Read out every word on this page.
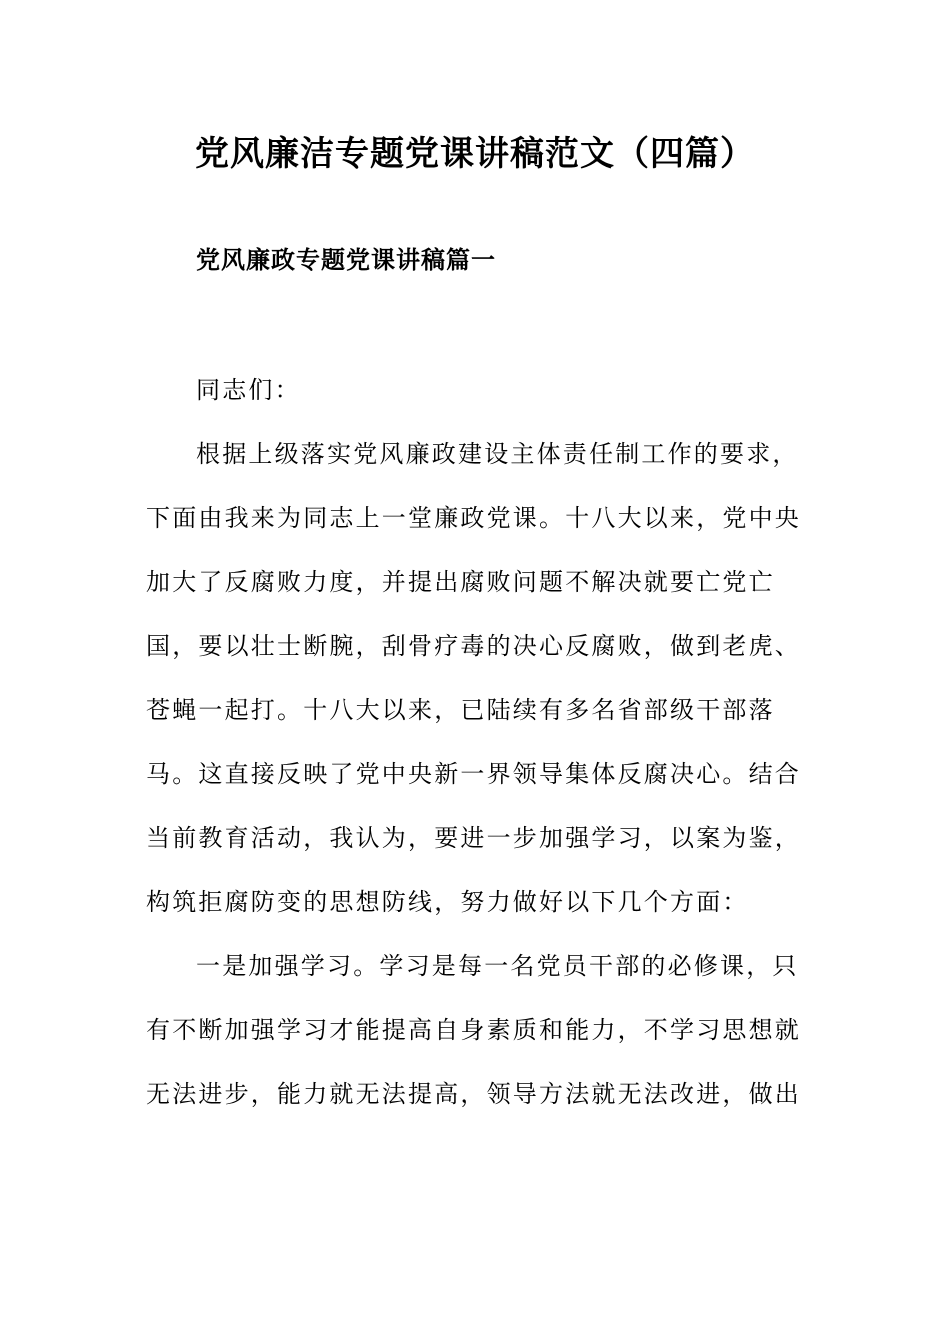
党风廉洁专题党课讲稿范文（四篇）
党风廉政专题党课讲稿篇一
同志们：
根据上级落实党风廉政建设主体责任制工作的要求，
下面由我来为同志上一堂廉政党课。十八大以来，党中央
加大了反腐败力度，并提出腐败问题不解决就要亡党亡
国，要以壮士断腕，刮骨疗毒的决心反腐败，做到老虎、
苍蝇一起打。十八大以来，已陆续有多名省部级干部落
马。这直接反映了党中央新一界领导集体反腐决心。结合
当前教育活动，我认为，要进一步加强学习，以案为鉴，
构筑拒腐防变的思想防线，努力做好以下几个方面：
一是加强学习。学习是每一名党员干部的必修课，只
有不断加强学习才能提高自身素质和能力，不学习思想就
无法进步，能力就无法提高，领导方法就无法改进，做出
